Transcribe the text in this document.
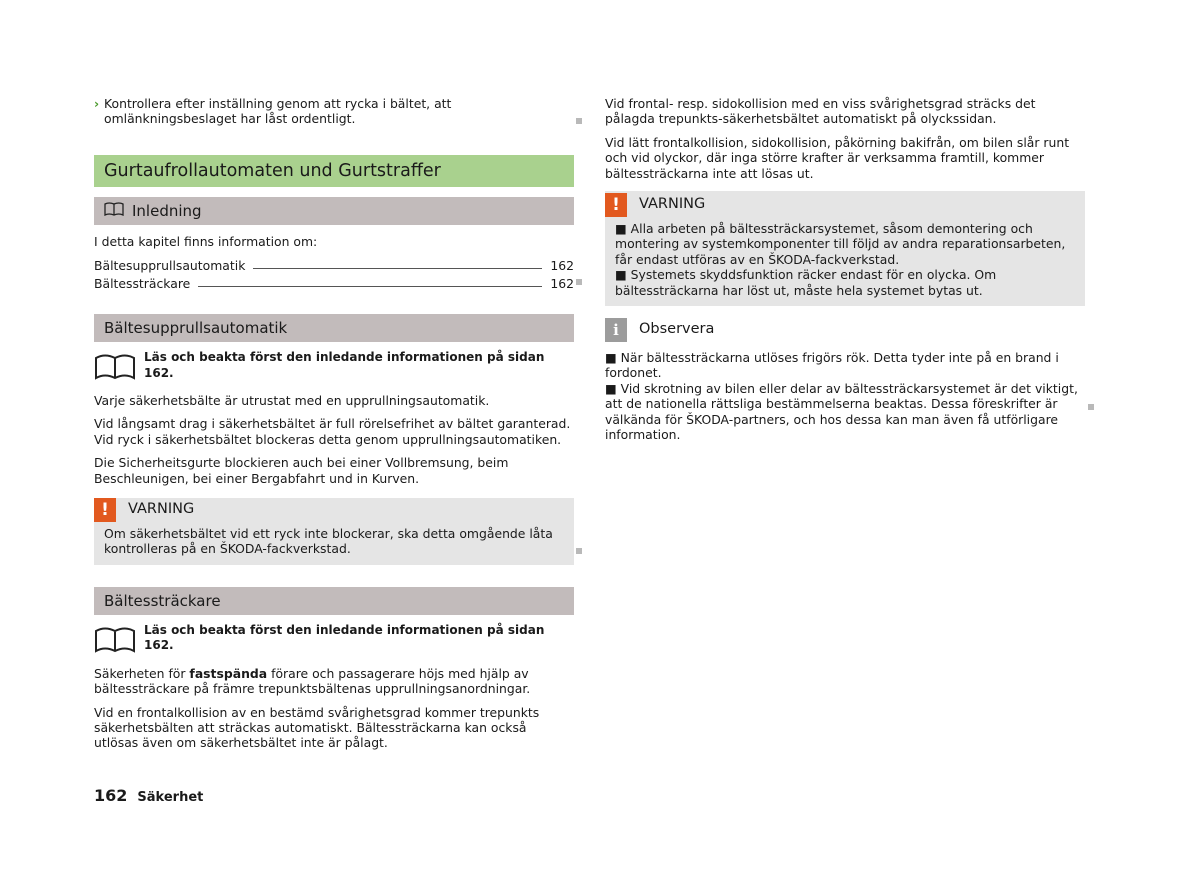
› Kontrollera efter inställning genom att rycka i bältet, att omlänkningsbeslaget har låst ordentligt.

Gurtaufrollautomaten und Gurtstraffer
Inledning

I detta kapitel finns information om:

Bältesupprullsautomatik	162
Bältessträckare	162
Bältesupprullsautomatik
Läs och beakta först den inledande informationen på sidan 162.

Varje säkerhetsbälte är utrustat med en upprullningsautomatik.

Vid långsamt drag i säkerhetsbältet är full rörelsefrihet av bältet garanterad. Vid ryck i säkerhetsbältet blockeras detta genom upprullningsautomatiken.

Die Sicherheitsgurte blockieren auch bei einer Vollbremsung, beim Beschleunigen, bei einer Bergabfahrt und in Kurven.

!	VARNING
Om säkerhetsbältet vid ett ryck inte blockerar, ska detta omgående låta kontrolleras på en ŠKODA-fackverkstad.
Bältessträckare
Läs och beakta först den inledande informationen på sidan 162.

Säkerheten för fastspända förare och passagerare höjs med hjälp av bältessträckare på främre trepunktsbältenas upprullningsanordningar.

Vid en frontalkollision av en bestämd svårighetsgrad kommer trepunkts säkerhetsbälten att sträckas automatiskt. Bältessträckarna kan också utlösas även om säkerhetsbältet inte är pålagt.

Vid frontal- resp. sidokollision med en viss svårighetsgrad sträcks det pålagda trepunkts-säkerhetsbältet automatiskt på olyckssidan.

Vid lätt frontalkollision, sidokollision, påkörning bakifrån, om bilen slår runt och vid olyckor, där inga större krafter är verksamma framtill, kommer bältessträckarna inte att lösas ut.

!	VARNING
■ Alla arbeten på bältessträckarsystemet, såsom demontering och montering av systemkomponenter till följd av andra reparationsarbeten, får endast utföras av en ŠKODA-fackverkstad.
■ Systemets skyddsfunktion räcker endast för en olycka. Om bältessträckarna har löst ut, måste hela systemet bytas ut.
i	Observera
■ När bältessträckarna utlöses frigörs rök. Detta tyder inte på en brand i fordonet.
■ Vid skrotning av bilen eller delar av bältessträckarsystemet är det viktigt, att de nationella rättsliga bestämmelserna beaktas. Dessa föreskrifter är välkända för ŠKODA-partners, och hos dessa kan man även få utförligare information.
162 Säkerhet
